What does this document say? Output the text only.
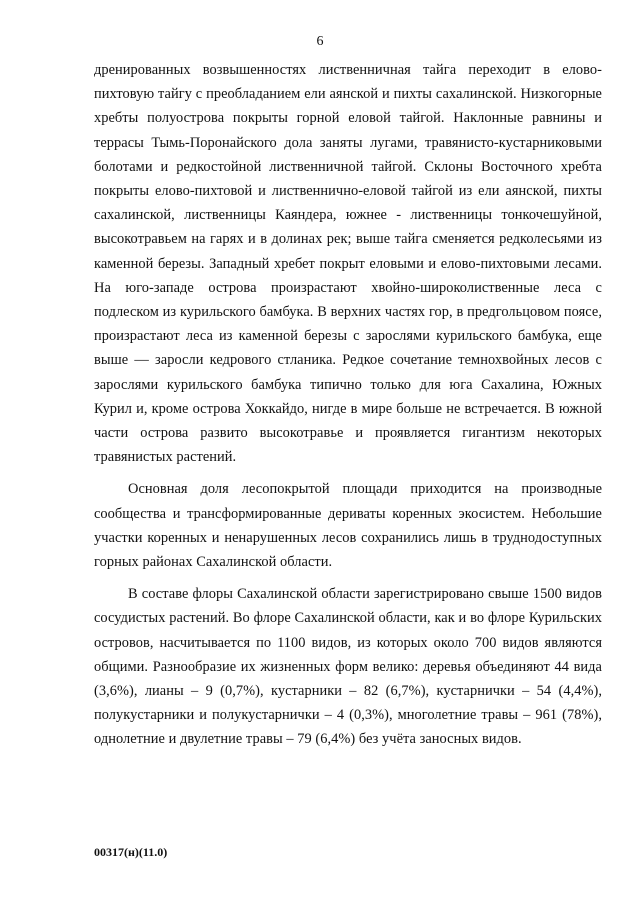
6

дренированных возвышенностях лиственничная тайга переходит в елово-пихтовую тайгу с преобладанием ели аянской и пихты сахалинской. Низкогорные хребты полуострова покрыты горной еловой тайгой. Наклонные равнины и террасы Тымь-Поронайского дола заняты лугами, травянисто-кустарниковыми болотами и редкостойной лиственничной тайгой. Склоны Восточного хребта покрыты елово-пихтовой и лиственнично-еловой тайгой из ели аянской, пихты сахалинской, лиственницы Каяндера, южнее - лиственницы тонкочешуйной, высокотравьем на гарях и в долинах рек; выше тайга сменяется редколесьями из каменной березы. Западный хребет покрыт еловыми и елово-пихтовыми лесами. На юго-западе острова произрастают хвойно-широколиственные леса с подлеском из курильского бамбука. В верхних частях гор, в предгольцовом поясе, произрастают леса из каменной березы с зарослями курильского бамбука, еще выше — заросли кедрового стланика. Редкое сочетание темнохвойных лесов с зарослями курильского бамбука типично только для юга Сахалина, Южных Курил и, кроме острова Хоккайдо, нигде в мире больше не встречается. В южной части острова развито высокотравье и проявляется гигантизм некоторых травянистых растений.

Основная доля лесопокрытой площади приходится на производные сообщества и трансформированные дериваты коренных экосистем. Небольшие участки коренных и ненарушенных лесов сохранились лишь в труднодоступных горных районах Сахалинской области.

В составе флоры Сахалинской области зарегистрировано свыше 1500 видов сосудистых растений. Во флоре Сахалинской области, как и во флоре Курильских островов, насчитывается по 1100 видов, из которых около 700 видов являются общими. Разнообразие их жизненных форм велико: деревья объединяют 44 вида (3,6%), лианы – 9 (0,7%), кустарники – 82 (6,7%), кустарнички – 54 (4,4%), полукустарники и полукустарнички – 4 (0,3%), многолетние травы – 961 (78%), однолетние и двулетние травы – 79 (6,4%) без учёта заносных видов.

00317(н)(11.0)
